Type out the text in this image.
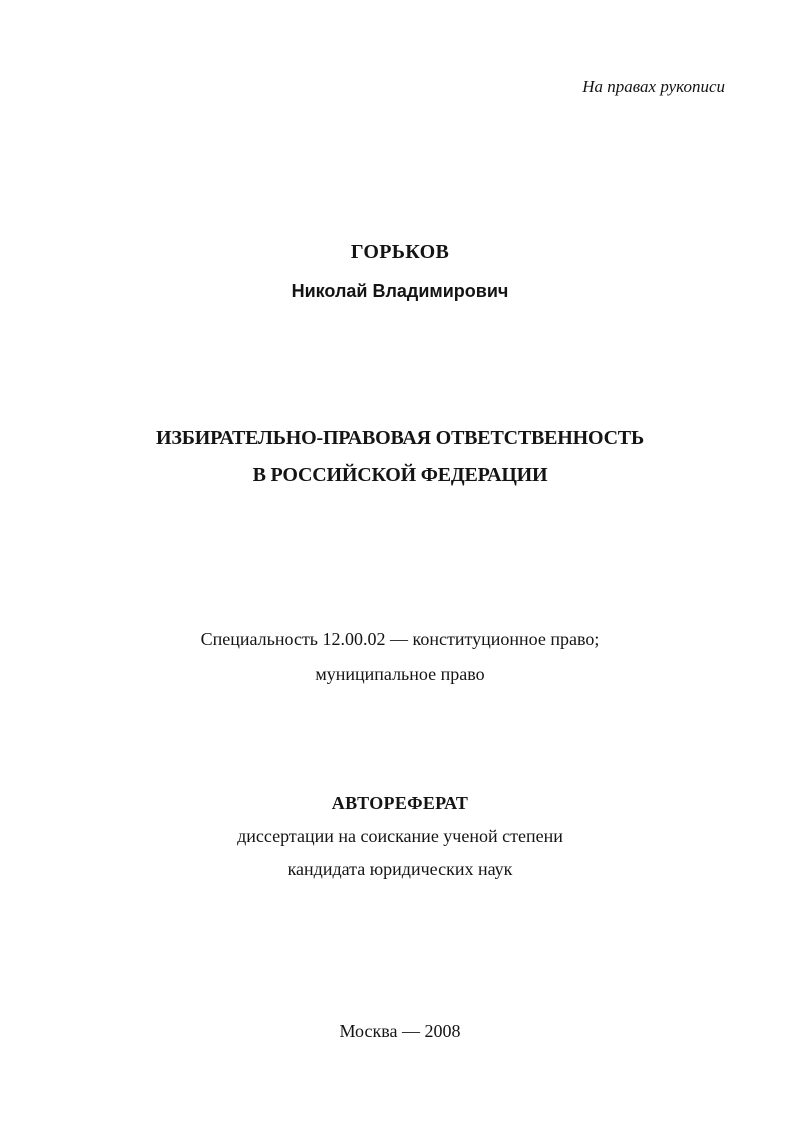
На правах рукописи
ГОРЬКОВ
Николай Владимирович
ИЗБИРАТЕЛЬНО-ПРАВОВАЯ ОТВЕТСТВЕННОСТЬ
В РОССИЙСКОЙ ФЕДЕРАЦИИ
Специальность 12.00.02 — конституционное право;
муниципальное право
АВТОРЕФЕРАТ
диссертации на соискание ученой степени
кандидата юридических наук
Москва — 2008
